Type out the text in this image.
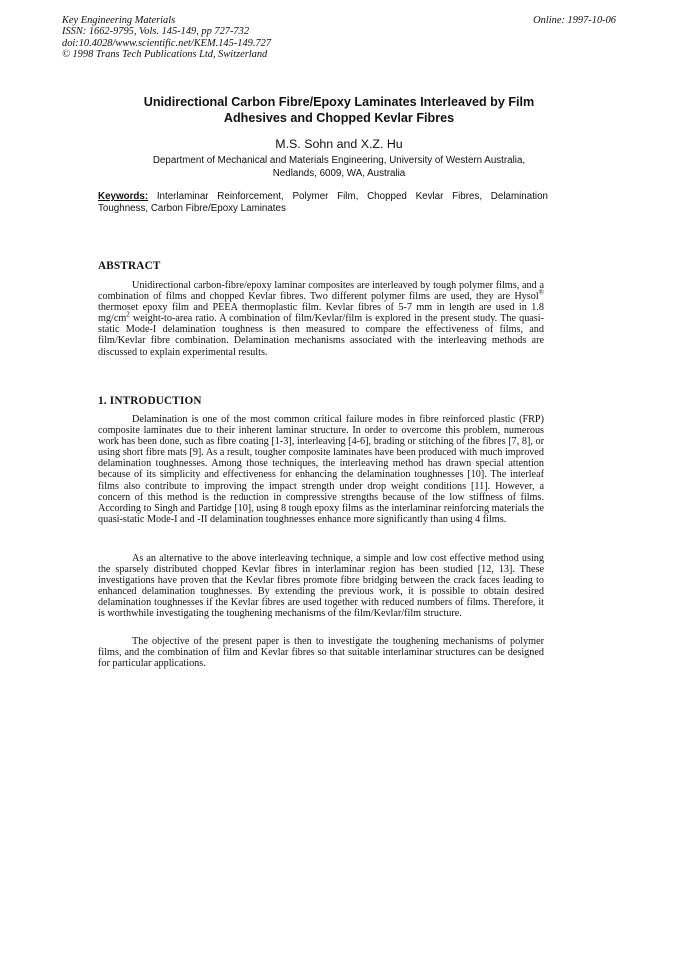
Key Engineering Materials
ISSN: 1662-9795, Vols. 145-149, pp 727-732
doi:10.4028/www.scientific.net/KEM.145-149.727
© 1998 Trans Tech Publications Ltd, Switzerland
Online: 1997-10-06
Unidirectional Carbon Fibre/Epoxy Laminates Interleaved by Film
Adhesives and Chopped Kevlar Fibres
M.S. Sohn and X.Z. Hu
Department of Mechanical and Materials Engineering, University of Western Australia,
Nedlands, 6009, WA, Australia
Keywords: Interlaminar Reinforcement, Polymer Film, Chopped Kevlar Fibres, Delamination Toughness, Carbon Fibre/Epoxy Laminates
ABSTRACT

Unidirectional carbon-fibre/epoxy laminar composites are interleaved by tough polymer films, and a combination of films and chopped Kevlar fibres. Two different polymer films are used, they are Hysol® thermoset epoxy film and PEEA thermoplastic film. Kevlar fibres of 5-7 mm in length are used in 1.8 $mg/cm^2$ weight-to-area ratio. A combination of film/Kevlar/film is explored in the present study. The quasi-static Mode-I delamination toughness is then measured to compare the effectiveness of films, and film/Kevlar fibre combination. Delamination mechanisms associated with the interleaving methods are discussed to explain experimental results.

1. INTRODUCTION

Delamination is one of the most common critical failure modes in fibre reinforced plastic (FRP) composite laminates due to their inherent laminar structure. In order to overcome this problem, numerous work has been done, such as fibre coating [1-3], interleaving [4-6], brading or stitching of the fibres [7, 8], or using short fibre mats [9]. As a result, tougher composite laminates have been produced with much improved delamination toughnesses. Among those techniques, the interleaving method has drawn special attention because of its simplicity and effectiveness for enhancing the delamination toughnesses [10]. The interleaf films also contribute to improving the impact strength under drop weight conditions [11]. However, a concern of this method is the reduction in compressive strengths because of the low stiffness of films. According to Singh and Partidge [10], using 8 tough epoxy films as the interlaminar reinforcing materials the quasi-static Mode-I and -II delamination toughnesses enhance more significantly than using 4 films.

As an alternative to the above interleaving technique, a simple and low cost effective method using the sparsely distributed chopped Kevlar fibres in interlaminar region has been studied [12, 13]. These investigations have proven that the Kevlar fibres promote fibre bridging between the crack faces leading to enhanced delamination toughnesses. By extending the previous work, it is possible to obtain desired delamination toughnesses if the Kevlar fibres are used together with reduced numbers of films. Therefore, it is worthwhile investigating the toughening mechanisms of the film/Kevlar/film structure.

The objective of the present paper is then to investigate the toughening mechanisms of polymer films, and the combination of film and Kevlar fibres so that suitable interlaminar structures can be designed for particular applications.
